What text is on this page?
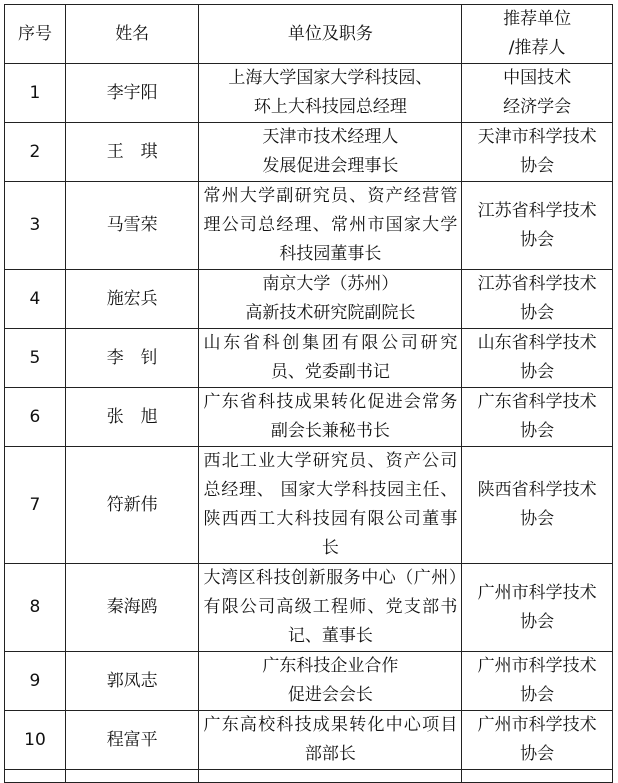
序号	姓名	单位及职务	推荐单位
/推荐人
1	李宇阳	上海大学国家大学科技园、
环上大科技园总经理	中国技术
经济学会
2	王　琪	天津市技术经理人
发展促进会理事长	天津市科学技术
协会
3	马雪荣	常州大学副研究员、资产经营管理公司总经理、常州市国家大学科技园董事长	江苏省科学技术
协会
4	施宏兵	南京大学（苏州）
高新技术研究院副院长	江苏省科学技术
协会
5	李　钊	山东省科创集团有限公司研究员、党委副书记	山东省科学技术
协会
6	张　旭	广东省科技成果转化促进会常务副会长兼秘书长	广东省科学技术
协会
7	符新伟	西北工业大学研究员、资产公司总经理、 国家大学科技园主任、陕西西工大科技园有限公司董事长	陕西省科学技术
协会
8	秦海鸥	大湾区科技创新服务中心（广州）有限公司高级工程师、党支部书记、董事长	广州市科学技术
协会
9	郭凤志	广东科技企业合作
促进会会长	广州市科学技术
协会
10	程富平	广东高校科技成果转化中心项目部部长	广州市科学技术
协会
